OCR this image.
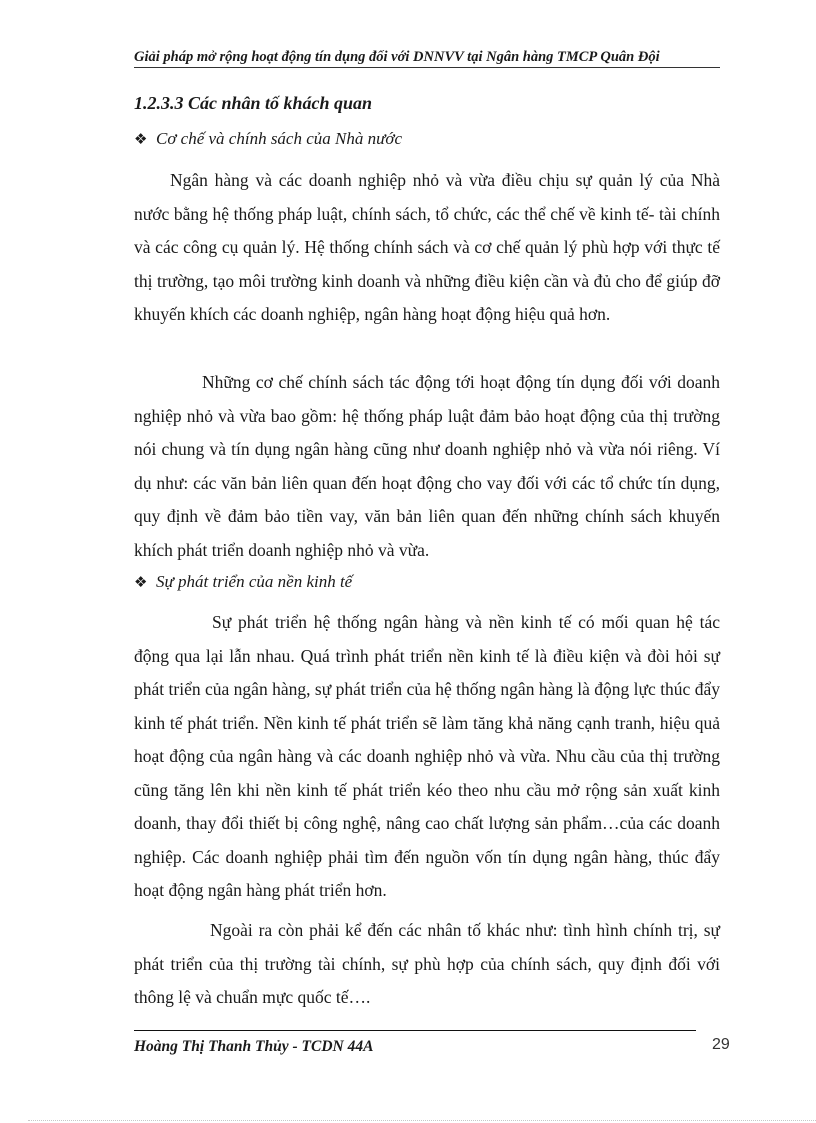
Giải pháp mở rộng hoạt động tín dụng đối với DNNVV tại Ngân hàng TMCP Quân Đội
1.2.3.3 Các nhân tố khách quan
❖ Cơ chế và chính sách của Nhà nước

Ngân hàng và các doanh nghiệp nhỏ và vừa điều chịu sự quản lý của Nhà nước bằng hệ thống pháp luật, chính sách, tổ chức, các thể chế về kinh tế- tài chính và các công cụ quản lý. Hệ thống chính sách và cơ chế quản lý phù hợp với thực tế thị trường, tạo môi trường kinh doanh và những điều kiện cần và đủ cho để giúp đỡ khuyến khích các doanh nghiệp, ngân hàng hoạt động hiệu quả hơn.

Những cơ chế chính sách tác động tới hoạt động tín dụng đối với doanh nghiệp nhỏ và vừa bao gồm: hệ thống pháp luật đảm bảo hoạt động của thị trường nói chung và tín dụng ngân hàng cũng như doanh nghiệp nhỏ và vừa nói riêng. Ví dụ như: các văn bản liên quan đến hoạt động cho vay đối với các tổ chức tín dụng, quy định về đảm bảo tiền vay, văn bản liên quan đến những chính sách khuyến khích phát triển doanh nghiệp nhỏ và vừa.

❖ Sự phát triển của nền kinh tế

Sự phát triển hệ thống ngân hàng và nền kinh tế có mối quan hệ tác động qua lại lẫn nhau. Quá trình phát triển nền kinh tế là điều kiện và đòi hỏi sự phát triển của ngân hàng, sự phát triển của hệ thống ngân hàng là động lực thúc đẩy kinh tế phát triển. Nền kinh tế phát triển sẽ làm tăng khả năng cạnh tranh, hiệu quả hoạt động của ngân hàng và các doanh nghiệp nhỏ và vừa. Nhu cầu của thị trường cũng tăng lên khi nền kinh tế phát triển kéo theo nhu cầu mở rộng sản xuất kinh doanh, thay đổi thiết bị công nghệ, nâng cao chất lượng sản phẩm…của các doanh nghiệp. Các doanh nghiệp phải tìm đến nguồn vốn tín dụng ngân hàng, thúc đẩy hoạt động ngân hàng phát triển hơn.

Ngoài ra còn phải kể đến các nhân tố khác như: tình hình chính trị, sự phát triển của thị trường tài chính, sự phù hợp của chính sách, quy định đối với thông lệ và chuẩn mực quốc tế….

Hoàng Thị Thanh Thủy - TCDN 44A	29
